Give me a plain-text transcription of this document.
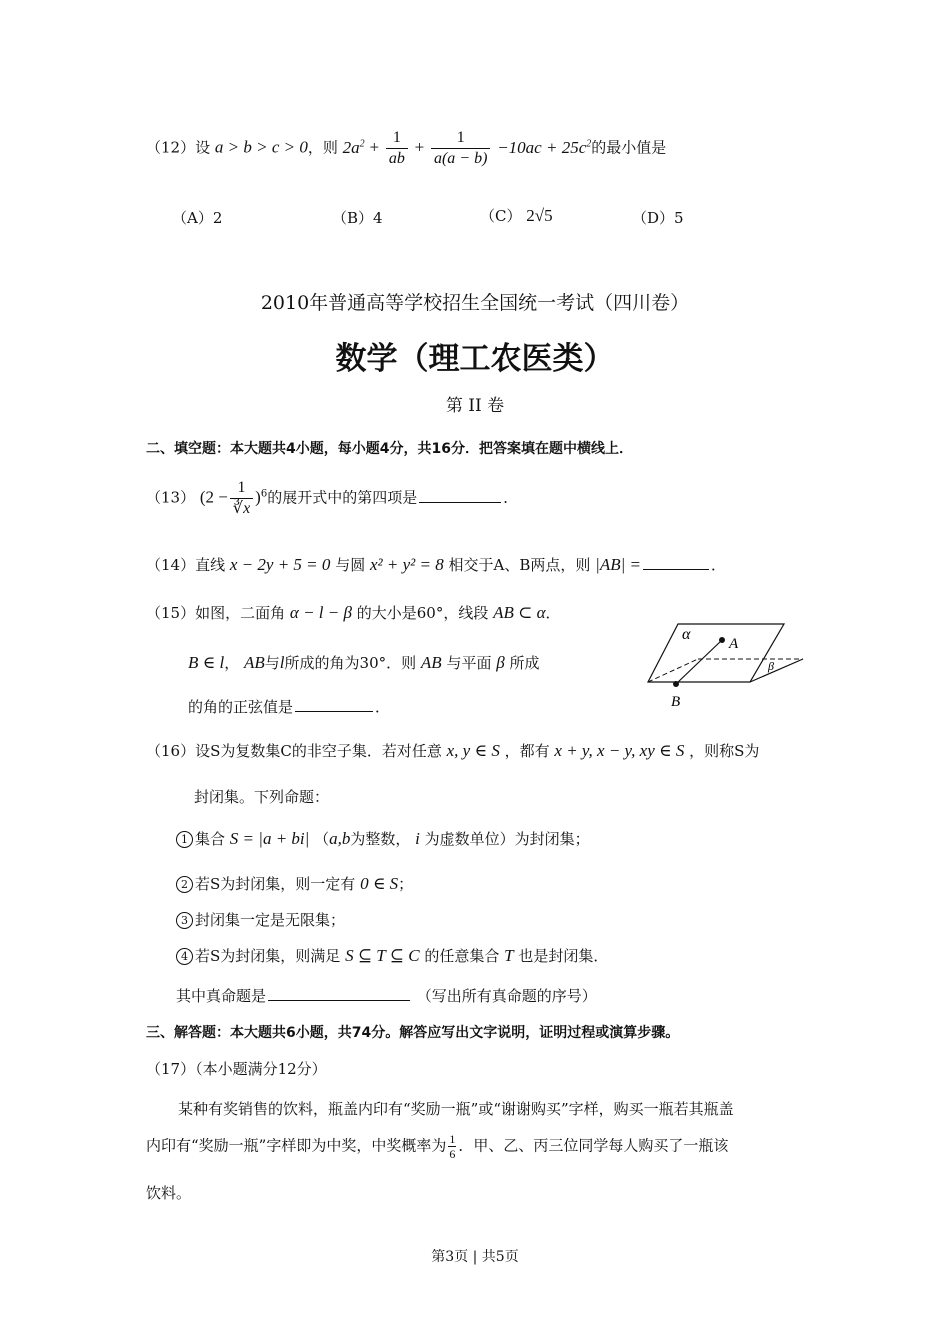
（12）设 a > b > c > 0，则 $2a^2 + \frac{1}{ab} + \frac{1}{a(a - b)} -10ac + 25c^2$的最小值是
（A）2	（B）4	（C） 2√5	（D）5
2010年普通高等学校招生全国统一考试（四川卷）
数学（理工农医类）
第 II 卷
二、填空题：本大题共4小题，每小题4分，共16分．把答案填在题中横线上．
（13） $(2 - \frac{1}{∛x} )^6$的展开式中的第四项是	．
（14）直线 x − 2y + 5 = 0 与圆 x² + y² = 8 相交于A、B两点，则 |AB| =	．
（15）如图，二面角 α − l − β 的大小是60°，线段 AB ⊂ α．
B ∈ l， AB与l所成的角为30°．则 AB 与平面 β 所成
的角的正弦值是	．
α
A
β
B
（16）设S为复数集C的非空子集．若对任意 x, y ∈ S ，都有 x + y, x − y, xy ∈ S ，则称S为
封闭集。下列命题：
1 集合 S = |a + bi| （a,b为整数， i 为虚数单位）为封闭集；
2 若S为封闭集，则一定有 0 ∈ S；
3 封闭集一定是无限集；
4 若S为封闭集，则满足 S ⊆ T ⊆ C 的任意集合 T 也是封闭集．
其中真命题是	（写出所有真命题的序号）
三、解答题：本大题共6小题，共74分。解答应写出文字说明，证明过程或演算步骤。
（17）（本小题满分12分）
某种有奖销售的饮料，瓶盖内印有“奖励一瓶”或“谢谢购买”字样，购买一瓶若其瓶盖
内印有“奖励一瓶”字样即为中奖，中奖概率为 $\frac{1}{6}$ ．甲、乙、丙三位同学每人购买了一瓶该
饮料。
第3页 | 共5页
